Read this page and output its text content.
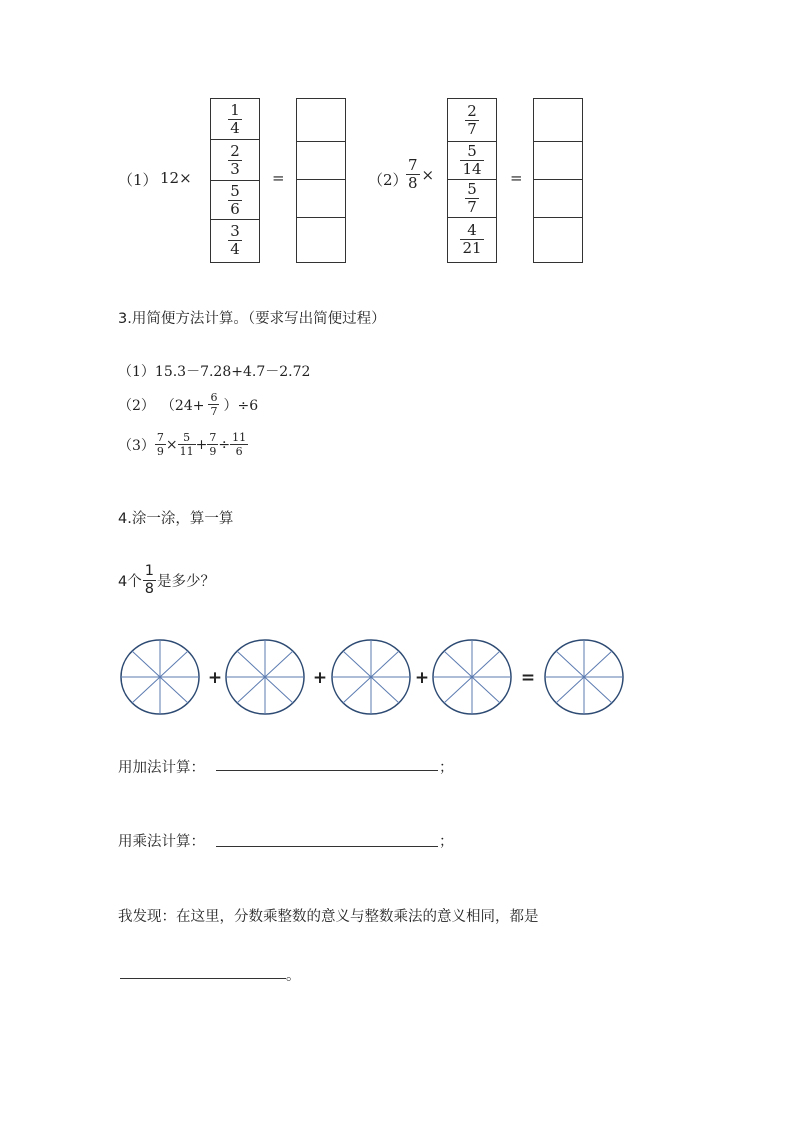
（1） 12×
$\frac{1}{4}$
$\frac{2}{3}$
$\frac{5}{6}$
$\frac{3}{4}$
=	（2）
$\frac{7}{8}$ ×
$\frac{2}{7}$
$\frac{5}{14}$
$\frac{5}{7}$
$\frac{4}{21}$
=
3.用简便方法计算。（要求写出简便过程）
（1）15.3－7.28+4.7－2.72
（2） $(24+ \frac{6}{7} )\div 6$
$(3) \frac{7}{9} \times \frac{5}{11} + \frac{7}{9} \div \frac{11}{6}$
4.涂一涂，算一算
4个 $\frac{1}{8}$ 是多少？
+	+	+	=
用加法计算：	；
用乘法计算：	；
我发现：在这里，分数乘整数的意义与整数乘法的意义相同，都是
。
